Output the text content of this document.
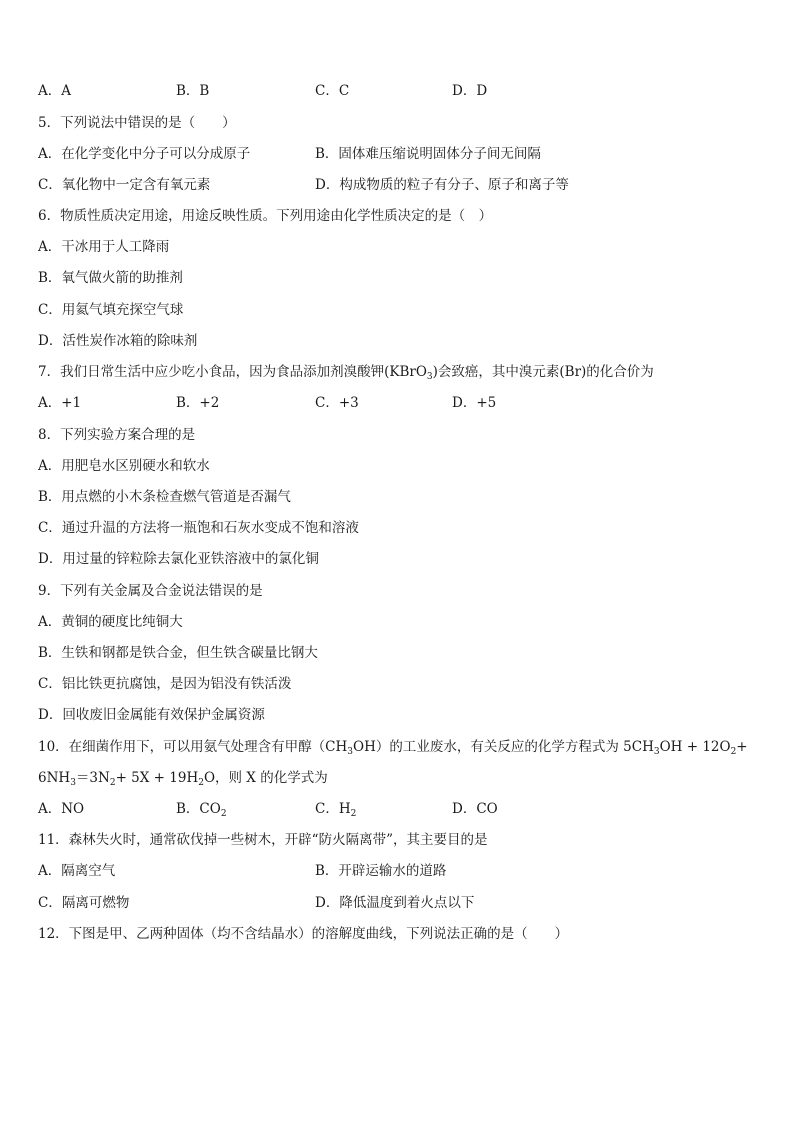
A．A	B．B	C．C	D．D
5．下列说法中错误的是（　　）
A．在化学变化中分子可以分成原子	B．固体难压缩说明固体分子间无间隔
C．氧化物中一定含有氧元素	D．构成物质的粒子有分子、原子和离子等
6．物质性质决定用途，用途反映性质。下列用途由化学性质决定的是（　）
A．干冰用于人工降雨
B．氧气做火箭的助推剂
C．用氦气填充探空气球
D．活性炭作冰箱的除味剂
7．我们日常生活中应少吃小食品，因为食品添加剂溴酸钾(KBrO$_3$)会致癌，其中溴元素(Br)的化合价为
A．+1	B．+2	C．+3	D．+5
8．下列实验方案合理的是
A．用肥皂水区别硬水和软水
B．用点燃的小木条检查燃气管道是否漏气
C．通过升温的方法将一瓶饱和石灰水变成不饱和溶液
D．用过量的锌粒除去氯化亚铁溶液中的氯化铜
9．下列有关金属及合金说法错误的是
A．黄铜的硬度比纯铜大
B．生铁和钢都是铁合金，但生铁含碳量比钢大
C．铝比铁更抗腐蚀，是因为铝没有铁活泼
D．回收废旧金属能有效保护金属资源
10．在细菌作用下，可以用氨气处理含有甲醇$(CH_3OH)$的工业废水，有关反应的化学方程式为 $5CH_3OH + 12O_2+$
$6NH_3=3N_2+ 5X + 19H_2O$，则 X 的化学式为
A．NO	B．$CO_2$	C．$H_2$	D．CO
11．森林失火时，通常砍伐掉一些树木，开辟“防火隔离带”，其主要目的是
A．隔离空气	B．开辟运输水的道路
C．隔离可燃物	D．降低温度到着火点以下
12．下图是甲、乙两种固体（均不含结晶水）的溶解度曲线，下列说法正确的是（　　）
